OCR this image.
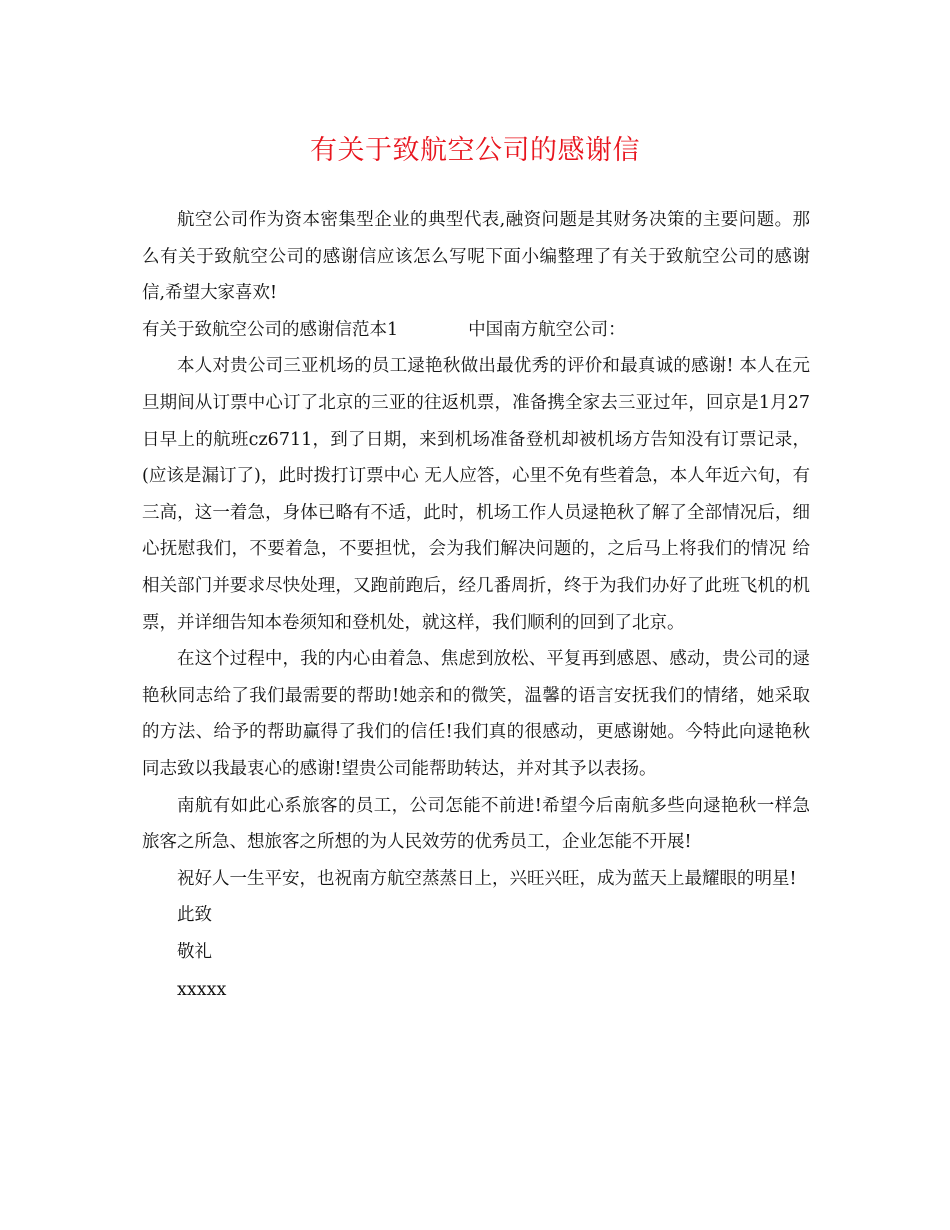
有关于致航空公司的感谢信

航空公司作为资本密集型企业的典型代表,融资问题是其财务决策的主要问题。那么有关于致航空公司的感谢信应该怎么写呢下面小编整理了有关于致航空公司的感谢信,希望大家喜欢!

有关于致航空公司的感谢信范本1	中国南方航空公司：

本人对贵公司三亚机场的员工逯艳秋做出最优秀的评价和最真诚的感谢! 本人在元旦期间从订票中心订了北京的三亚的往返机票，准备携全家去三亚过年，回京是1月27日早上的航班cz6711，到了日期，来到机场准备登机却被机场方告知没有订票记录，(应该是漏订了)，此时拨打订票中心 无人应答，心里不免有些着急，本人年近六旬，有三高，这一着急，身体已略有不适，此时，机场工作人员逯艳秋了解了全部情况后，细心抚慰我们，不要着急，不要担忧，会为我们解决问题的，之后马上将我们的情况 给相关部门并要求尽快处理，又跑前跑后，经几番周折，终于为我们办好了此班飞机的机票，并详细告知本卷须知和登机处，就这样，我们顺利的回到了北京。

在这个过程中，我的内心由着急、焦虑到放松、平复再到感恩、感动，贵公司的逯艳秋同志给了我们最需要的帮助!她亲和的微笑，温馨的语言安抚我们的情绪，她采取的方法、给予的帮助赢得了我们的信任!我们真的很感动，更感谢她。今特此向逯艳秋同志致以我最衷心的感谢!望贵公司能帮助转达，并对其予以表扬。

南航有如此心系旅客的员工，公司怎能不前进!希望今后南航多些向逯艳秋一样急旅客之所急、想旅客之所想的为人民效劳的优秀员工，企业怎能不开展!

祝好人一生平安，也祝南方航空蒸蒸日上，兴旺兴旺，成为蓝天上最耀眼的明星!

此致

敬礼

xxxxx
